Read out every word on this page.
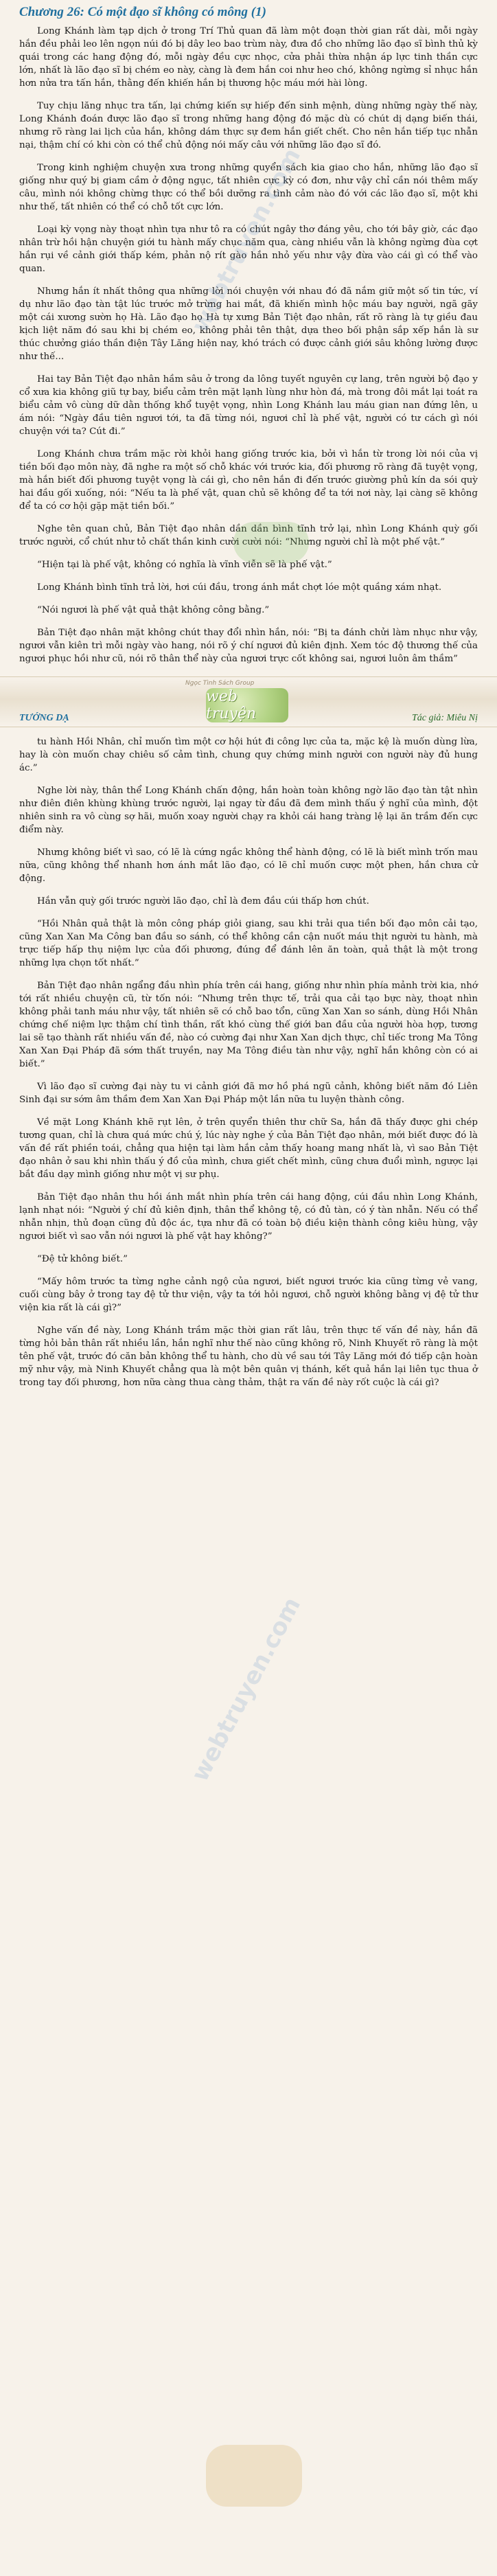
webtruyen.com
webtruyen.com
Chương 26: Có một đạo sĩ không có mông (1)

Long Khánh làm tạp dịch ở trong Trí Thủ quan đã làm một đoạn thời gian rất dài, mỗi ngày hắn đều phải leo lên ngọn núi đó bị dây leo bao trùm này, đưa đồ cho những lão đạo sĩ bình thủ kỳ quái trong các hang động đó, mỗi ngày đều cực nhọc, cửa phải thừa nhận áp lực tinh thần cực lớn, nhất là lão đạo sĩ bị chém eo này, càng là đem hắn coi như heo chó, không ngừng sỉ nhục hắn hơn nửa tra tấn hắn, thằng đến khiến hắn bị thương hộc máu mới hài lòng.

Tuy chịu lăng nhục tra tấn, lại chứng kiến sự hiếp đến sinh mệnh, dùng những ngày thế này, Long Khánh đoán được lão đạo sĩ trong những hang động đó mặc dù có chút dị dạng biến thái, nhưng rõ ràng lai lịch của hắn, không dám thực sự đem hắn giết chết. Cho nên hắn tiếp tục nhẫn nại, thậm chí có khi còn có thể chủ động nói mấy câu với những lão đạo sĩ đó.

Trong kinh nghiệm chuyện xưa trong những quyển sách kia giao cho hắn, những lão đạo sĩ giống như quý bị giam cầm ở động ngục, tất nhiên cực kỳ có đơn, như vậy chỉ cần nói thêm mấy câu, mình nói không chừng thực có thể bồi dưỡng ra tình cảm nào đó với các lão đạo sĩ, một khi như thế, tất nhiên có thể có chỗ tốt cực lớn.

Loại kỳ vọng này thoạt nhìn tựa như tô ra có chút ngây thơ đáng yêu, cho tới bây giờ, các đạo nhân trừ hồi hận chuyện giới tu hành mấy chục năm qua, càng nhiều vẫn là không ngừng đùa cợt hắn rụi về cảnh giới thấp kém, phản nộ rít gào hắn nhỏ yếu như vậy đừa vào cái gì có thể vào quan.

Nhưng hắn ít nhất thông qua những lời nói chuyện với nhau đó đã nắm giữ một số tin tức, ví dụ như lão đạo tàn tật lúc trước mở trừng hai mắt, đã khiến mình hộc máu bay người, ngã gãy một cái xương sườn họ Hà. Lão đạo họ Hà tự xưng Bản Tiệt đạo nhân, rất rõ ràng là tự giều đau kịch liệt năm đó sau khi bị chém eo, không phải tên thật, dựa theo bối phận sắp xếp hắn là sư thúc chưởng giáo thần điện Tây Lăng hiện nay, khó trách có được cảnh giới sâu không lường được như thế...

Hai tay Bản Tiệt đạo nhân hầm sâu ở trong da lông tuyết nguyên cự lang, trên người bộ đạo y cổ xưa kia không giũ tự bay, biểu cảm trên mặt lạnh lùng như hòn đá, mà trong đôi mắt lại toát ra biểu cảm vô cùng dữ dằn thống khổ tuyệt vọng, nhìn Long Khánh lau máu gian nan đứng lên, u ám nói: “Ngày đầu tiên ngươi tới, ta đã từng nói, ngươi chỉ là phế vật, người có tư cách gì nói chuyện với ta? Cút đi.”

Long Khánh chưa trầm mặc rời khỏi hang giống trước kia, bởi vì hắn từ trong lời nói của vị tiền bối đạo môn này, đã nghe ra một số chỗ khác với trước kia, đối phương rõ ràng đã tuyệt vọng, mà hắn biết đối phương tuyệt vọng là cái gì, cho nên hắn đi đến trước giường phủ kín da sói quỳ hai đầu gối xuống, nói: “Nếu ta là phế vật, quan chủ sẽ không để ta tới nơi này, lại càng sẽ không để ta có cơ hội gặp mặt tiền bối.”

Nghe tên quan chủ, Bản Tiệt đạo nhân dần dần bình tĩnh trở lại, nhìn Long Khánh quỳ gối trước người, cổ chút như tỏ chất thần kinh cười cười nói: “Nhưng người chỉ là một phế vật.”

“Hiện tại là phế vật, không có nghĩa là vĩnh viễn sẽ là phế vật.”

Long Khánh bình tĩnh trả lời, hơi cúi đầu, trong ánh mắt chợt lóe một quầng xám nhạt.

“Nói ngươi là phế vật quả thật không công bằng.”

Bản Tiệt đạo nhân mặt không chút thay đổi nhìn hắn, nói: “Bị ta đánh chửi làm nhục như vậy, ngươi vẫn kiên trì mỗi ngày vào hang, nói rõ ý chí ngươi đủ kiên định. Xem tóc độ thương thế của ngươi phục hồi như cũ, nói rõ thân thể này của ngươi trực cốt không sai, ngươi luôn âm thầm”

Ngọc Tình Sách Group
web truyện
TƯỚNG DẠ	Tác giả: Miêu Nị

tu hành Hồi Nhân, chỉ muốn tìm một cơ hội hút đi công lực của ta, mặc kệ là muốn dùng lừa, hay là còn muốn chay chiêu số cảm tình, chung quy chứng minh người con người này đủ hung ác.”

Nghe lời này, thân thể Long Khánh chấn động, hắn hoàn toàn không ngờ lão đạo tàn tật nhìn như điên điên khùng khùng trước người, lại ngay từ đầu đã đem mình thấu ý nghĩ của mình, đột nhiên sinh ra vô cùng sợ hãi, muốn xoay người chạy ra khỏi cái hang tràng lệ lại ăn trầm đến cực điểm này.

Nhưng không biết vì sao, có lẽ là cứng ngắc không thể hành động, có lẽ là biết mình trốn mau nữa, cũng không thể nhanh hơn ánh mắt lão đạo, có lẽ chỉ muốn cược một phen, hắn chưa cử động.

Hắn vẫn quỳ gối trước người lão đạo, chỉ là đem đầu cúi thấp hơn chút.

“Hồi Nhân quả thật là môn công pháp giỏi giang, sau khi trải qua tiền bối đạo môn cải tạo, cũng Xan Xan Ma Công ban đầu so sánh, có thể không cần cận nuốt máu thịt người tu hành, mà trực tiếp hấp thụ niệm lực của đối phương, đúng để đánh lên ăn toàn, quả thật là một trong những lựa chọn tốt nhất.”

Bản Tiệt đạo nhân ngẩng đầu nhìn phía trên cái hang, giống như nhìn phía mảnh trời kia, nhớ tới rất nhiều chuyện cũ, từ tốn nói: “Nhưng trên thực tế, trải qua cải tạo bực này, thoạt nhìn không phải tanh máu như vậy, tất nhiên sẽ có chỗ bao tổn, cũng Xan Xan so sánh, dùng Hồi Nhân chứng chế niệm lực thậm chí tình thần, rất khó cùng thế giới ban đầu của người hòa hợp, tương lai sẽ tạo thành rất nhiều vấn đề, nào có cường đại như Xan Xan dịch thực, chỉ tiếc trong Ma Tông Xan Xan Đại Pháp đã sớm thất truyền, nay Ma Tông điều tàn như vậy, nghĩ hắn không còn có ai biết.”

Vì lão đạo sĩ cường đại này tu vi cảnh giới đã mơ hồ phá ngũ cảnh, không biết năm đó Liên Sinh đại sư sớm âm thầm đem Xan Xan Đại Pháp một lần nữa tu luyện thành công.

Về mặt Long Khánh khẽ rụt lên, ở trên quyển thiên thư chữ Sa, hắn đã thấy được ghi chép tương quan, chỉ là chưa quá mức chú ý, lúc này nghe ý của Bản Tiệt đạo nhân, mới biết được đó là vấn đề rất phiền toái, chẳng qua hiện tại làm hắn cảm thấy hoang mang nhất là, vì sao Bản Tiệt đạo nhân ở sau khi nhìn thấu ý đồ của mình, chưa giết chết mình, cũng chưa đuổi mình, ngược lại bắt đầu dạy mình giống như một vị sư phụ.

Bản Tiệt đạo nhân thu hồi ánh mắt nhìn phía trên cái hang động, cúi đầu nhìn Long Khánh, lạnh nhạt nói: “Người ý chí đủ kiên định, thân thể không tệ, có đủ tàn, có ý tàn nhẫn. Nếu có thể nhẫn nhịn, thủ đoạn cũng đủ độc ác, tựa như đã có toàn bộ điều kiện thành công kiêu hùng, vậy ngươi biết vì sao vẫn nói ngươi là phế vật hay không?”

“Đệ tử không biết.”

“Mấy hôm trước ta từng nghe cảnh ngộ của ngươi, biết ngươi trước kia cũng từng vẻ vang, cuối cùng bây ở trong tay đệ tử thư viện, vậy ta tới hỏi ngươi, chỗ người không bằng vị đệ tử thư viện kia rất là cái gì?”

Nghe vấn đề này, Long Khánh trầm mặc thời gian rất lâu, trên thực tế vấn đề này, hắn đã từng hỏi bản thân rất nhiều lần, hắn nghĩ như thế nào cũng không rõ, Ninh Khuyết rõ ràng là một tên phế vật, trước đó căn bản không thể tu hành, cho dù về sau tới Tây Lăng mới đó tiếp cận hoàn mỹ như vậy, mà Ninh Khuyết chẳng qua là một bên quân vị thánh, kết quả hắn lại liên tục thua ở trong tay đối phương, hơn nữa càng thua càng thảm, thật ra vấn đề này rốt cuộc là cái gì?
